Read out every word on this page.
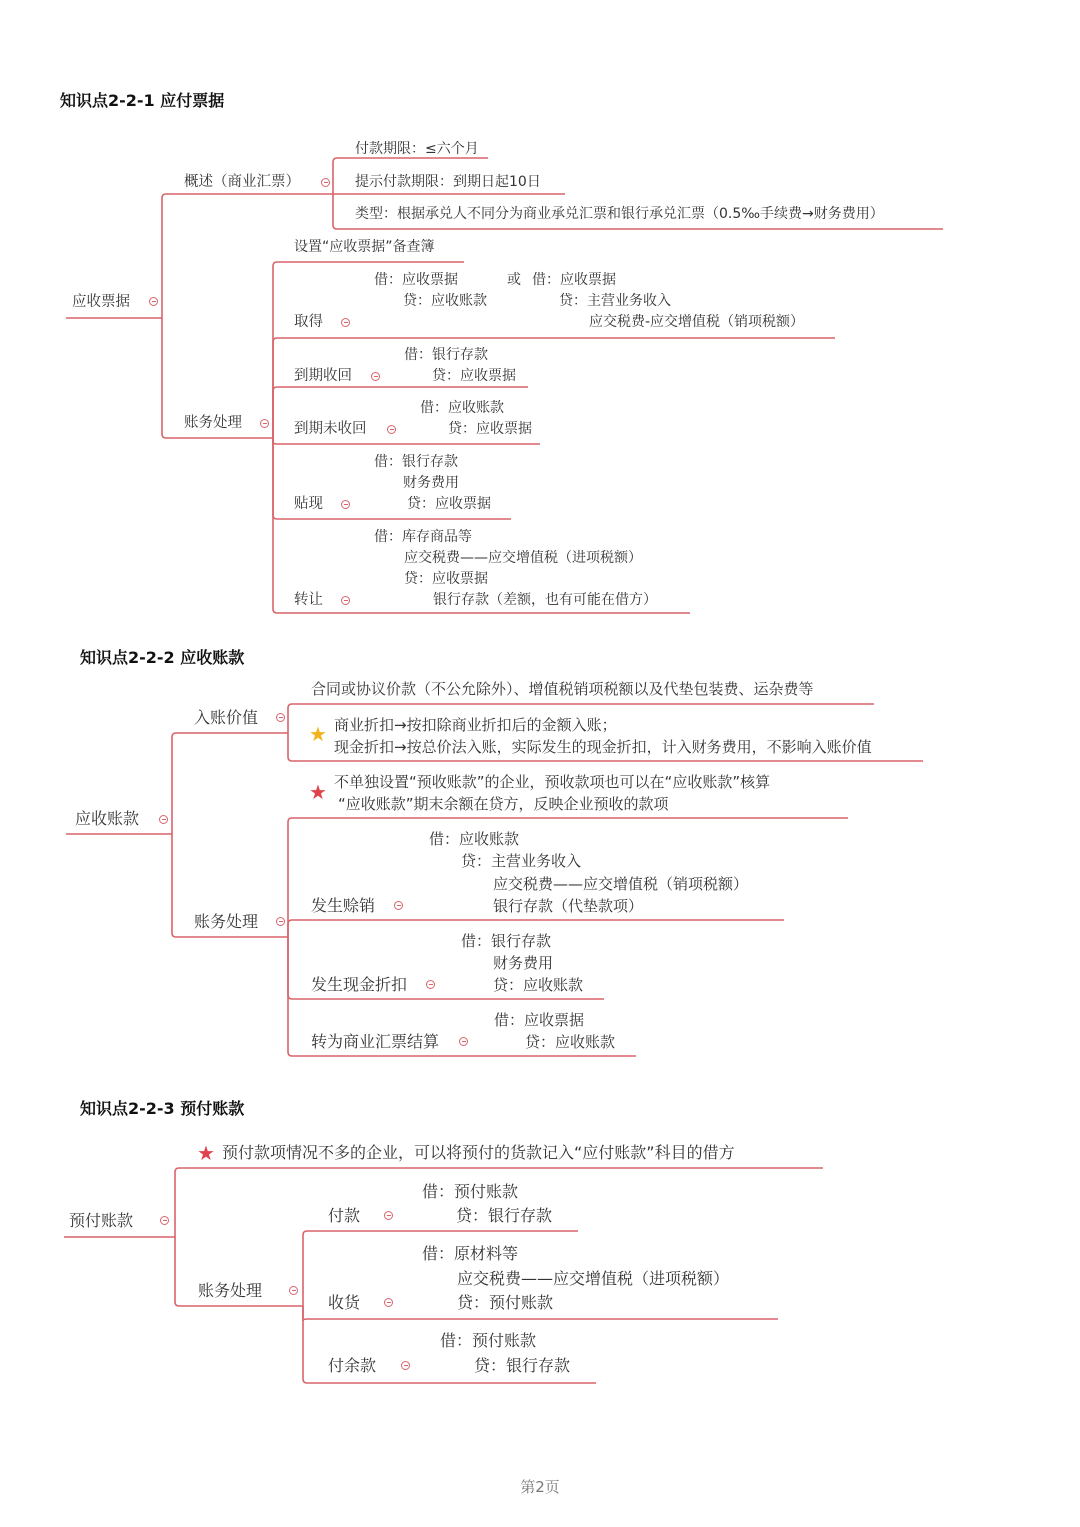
知识点2-2-1 应付票据
应收票据
概述（商业汇票）
付款期限：≤六个月
提示付款期限：到期日起10日
类型：根据承兑人不同分为商业承兑汇票和银行承兑汇票（0.5‰手续费→财务费用）
账务处理
设置“应收票据”备查簿
借：应收票据	或 借：应收票据
贷：应收账款	贷：主营业务收入
应交税费-应交增值税（销项税额）
取得
借：银行存款
贷：应收票据
到期收回
借：应收账款
贷：应收票据
到期未收回
借：银行存款
财务费用
贷：应收票据
贴现
借：库存商品等
应交税费——应交增值税（进项税额）
贷：应收票据
银行存款（差额，也有可能在借方）
转让
知识点2-2-2 应收账款
应收账款
入账价值
合同或协议价款（不公允除外）、增值税销项税额以及代垫包装费、运杂费等
★ 商业折扣→按扣除商业折扣后的金额入账；
现金折扣→按总价法入账，实际发生的现金折扣，计入财务费用，不影响入账价值
账务处理
★ 不单独设置“预收账款”的企业，预收款项也可以在“应收账款”核算
“应收账款”期末余额在贷方，反映企业预收的款项
借：应收账款
贷：主营业务收入
应交税费——应交增值税（销项税额）
银行存款（代垫款项）
发生赊销
借：银行存款
财务费用
贷：应收账款
发生现金折扣
借：应收票据
贷：应收账款
转为商业汇票结算
知识点2-2-3 预付账款
预付账款
★ 预付款项情况不多的企业，可以将预付的货款记入“应付账款”科目的借方
账务处理
借：预付账款
贷：银行存款
付款
借：原材料等
应交税费——应交增值税（进项税额）
贷：预付账款
收货
借：预付账款
贷：银行存款
付余款
第2页
